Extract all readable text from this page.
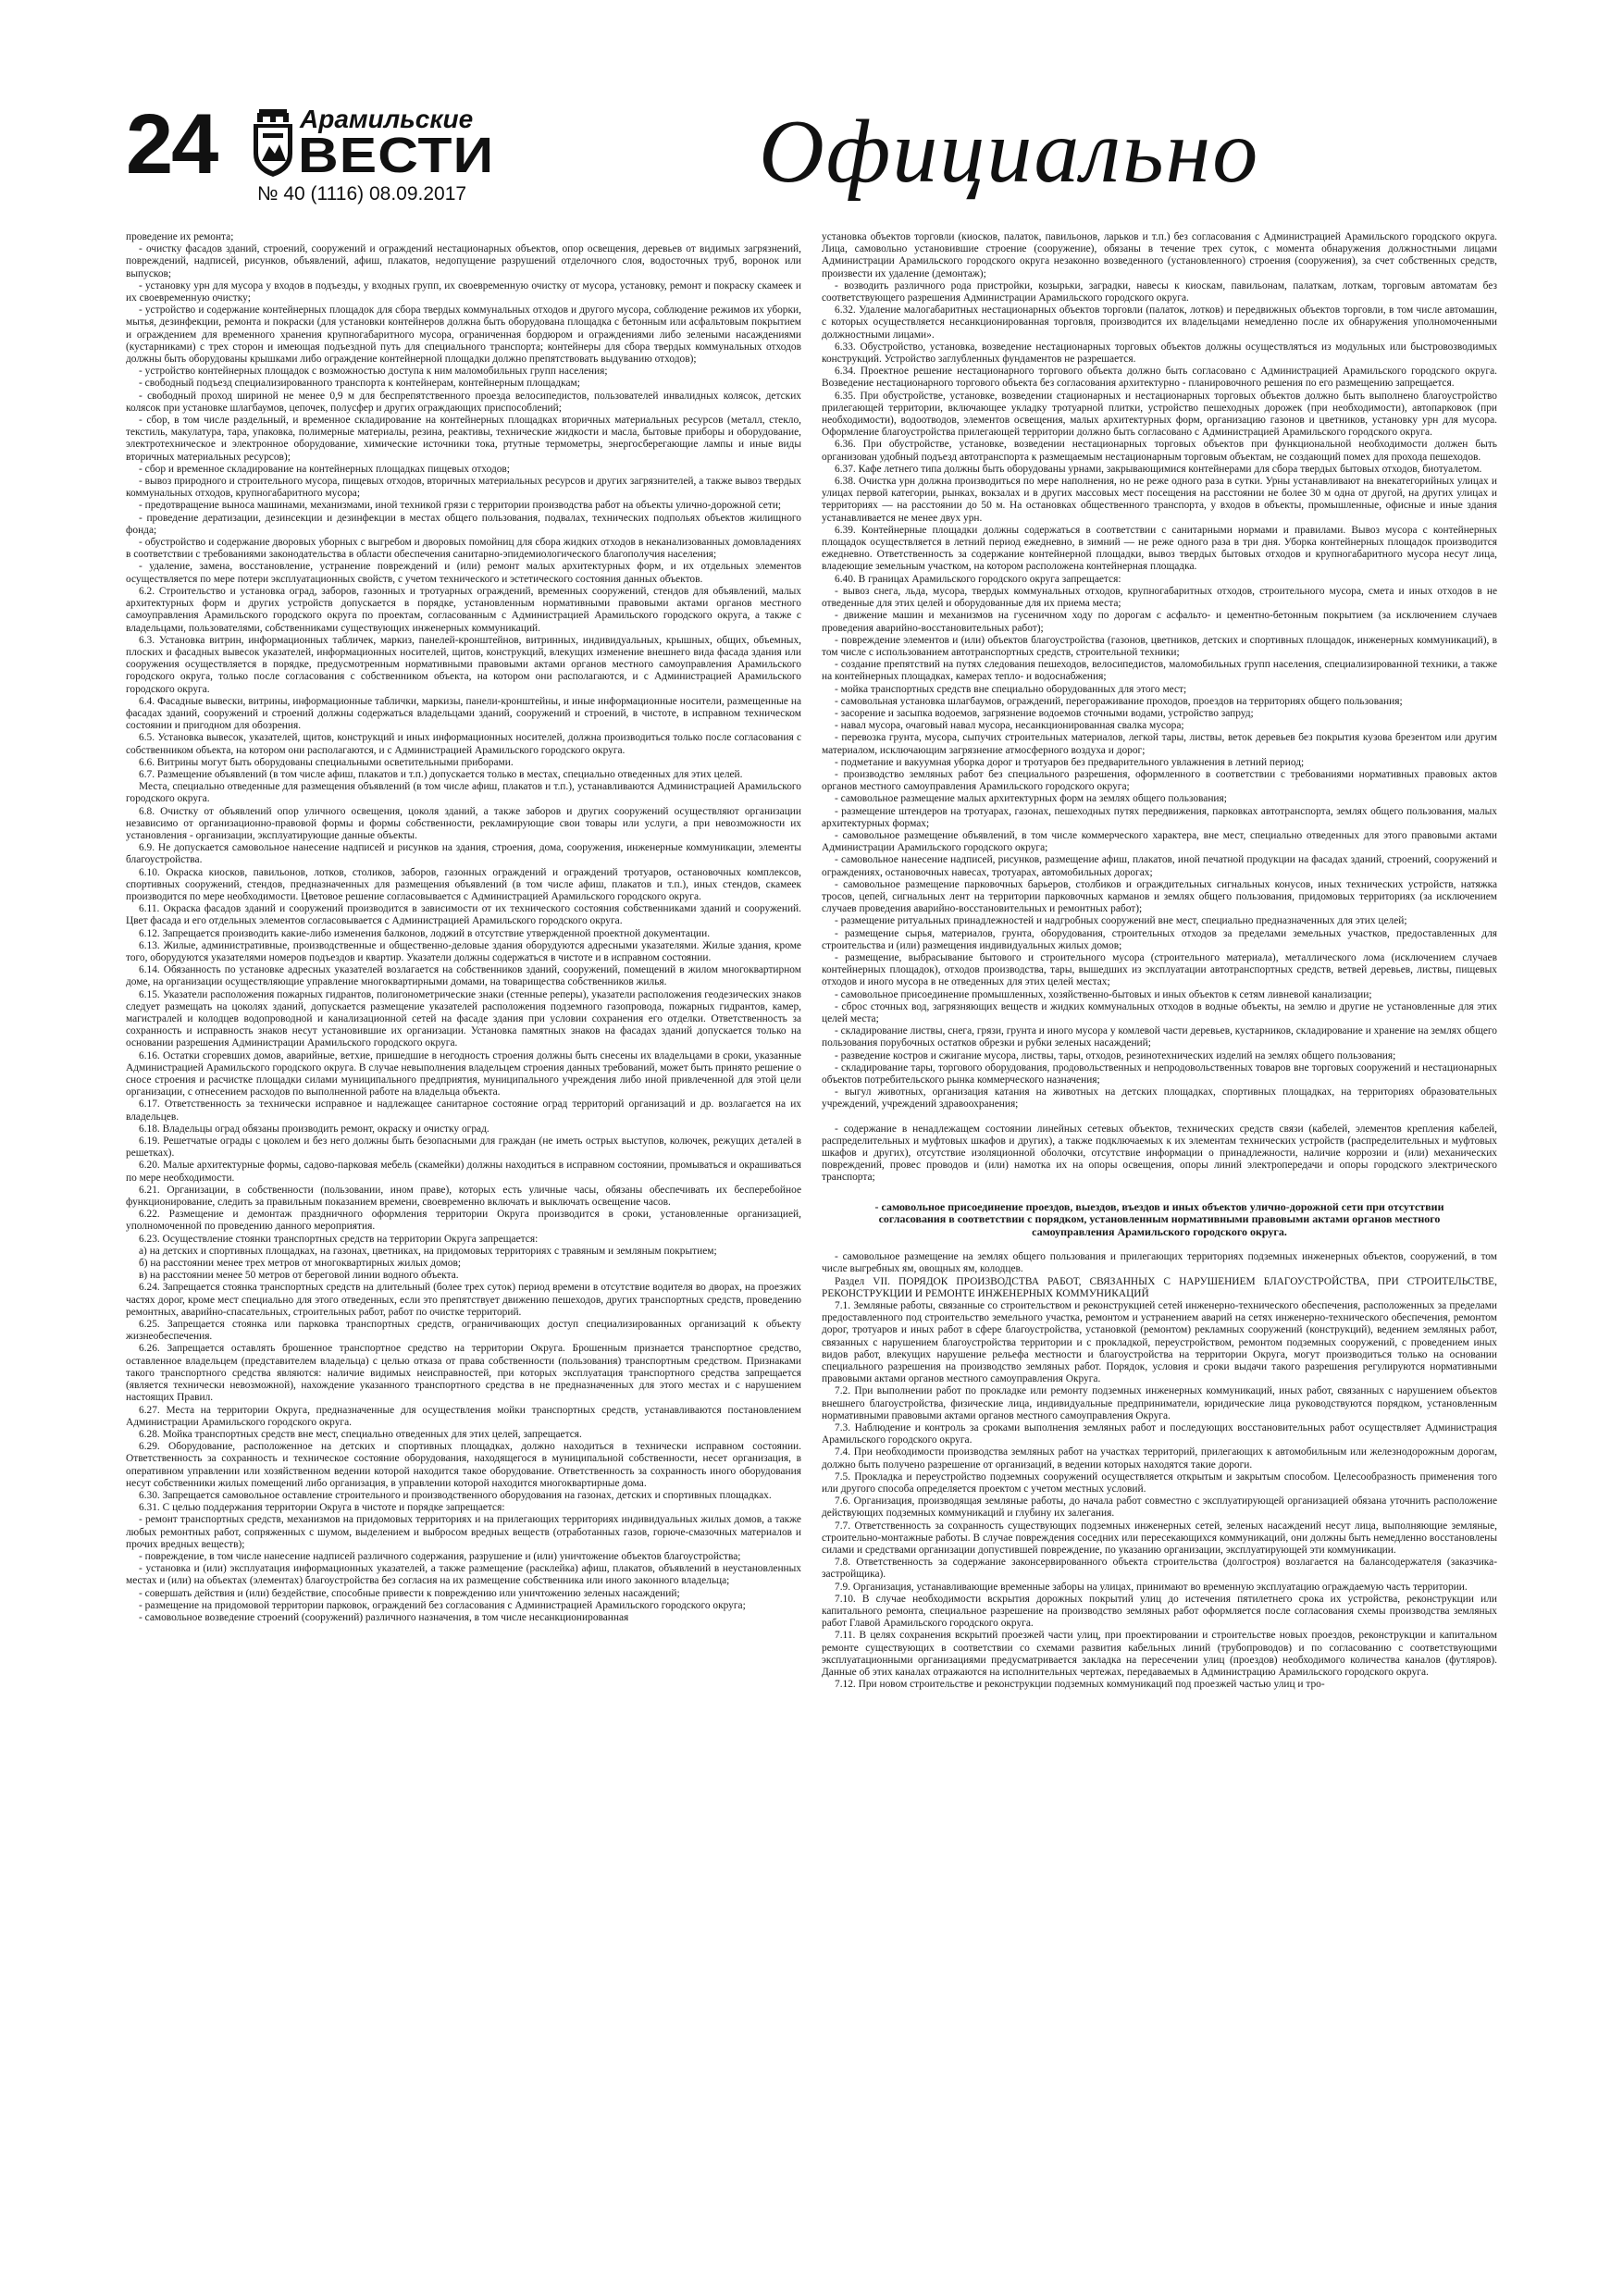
24	Арамильские
ВЕСТИ
№ 40 (1116) 08.09.2017	Официально

проведение их ремонта;

- очистку фасадов зданий, строений, сооружений и ограждений нестационарных объектов, опор освещения, деревьев от видимых загрязнений, повреждений, надписей, рисунков, объявлений, афиш, плакатов, недопущение разрушений отделочного слоя, водосточных труб, воронок или выпусков;

- установку урн для мусора у входов в подъезды, у входных групп, их своевременную очистку от мусора, установку, ремонт и покраску скамеек и их своевременную очистку;

- устройство и содержание контейнерных площадок для сбора твердых коммунальных отходов и другого мусора, соблюдение режимов их уборки, мытья, дезинфекции, ремонта и покраски (для установки контейнеров должна быть оборудована площадка с бетонным или асфальтовым покрытием и ограждением для временного хранения крупногабаритного мусора, ограниченная бордюром и ограждениями либо зелеными насаждениями (кустарниками) с трех сторон и имеющая подъездной путь для специального транспорта; контейнеры для сбора твердых коммунальных отходов должны быть оборудованы крышками либо ограждение контейнерной площадки должно препятствовать выдуванию отходов);

- устройство контейнерных площадок с возможностью доступа к ним маломобильных групп населения;

- свободный подъезд специализированного транспорта к контейнерам, контейнерным площадкам;

- свободный проход шириной не менее 0,9 м для беспрепятственного проезда велосипедистов, пользователей инвалидных колясок, детских колясок при установке шлагбаумов, цепочек, полусфер и других ограждающих приспособлений;

- сбор, в том числе раздельный, и временное складирование на контейнерных площадках вторичных материальных ресурсов (металл, стекло, текстиль, макулатура, тара, упаковка, полимерные материалы, резина, реактивы, технические жидкости и масла, бытовые приборы и оборудование, электротехническое и электронное оборудование, химические источники тока, ртутные термометры, энергосберегающие лампы и иные виды вторичных материальных ресурсов);

- сбор и временное складирование на контейнерных площадках пищевых отходов;

- вывоз природного и строительного мусора, пищевых отходов, вторичных материальных ресурсов и других загрязнителей, а также вывоз твердых коммунальных отходов, крупногабаритного мусора;

- предотвращение выноса машинами, механизмами, иной техникой грязи с территории производства работ на объекты улично-дорожной сети;

- проведение дератизации, дезинсекции и дезинфекции в местах общего пользования, подвалах, технических подпольях объектов жилищного фонда;

- обустройство и содержание дворовых уборных с выгребом и дворовых помойниц для сбора жидких отходов в неканализованных домовладениях в соответствии с требованиями законодательства в области обеспечения санитарно-эпидемиологического благополучия населения;

- удаление, замена, восстановление, устранение повреждений и (или) ремонт малых архитектурных форм, и их отдельных элементов осуществляется по мере потери эксплуатационных свойств, с учетом технического и эстетического состояния данных объектов.

6.2. Строительство и установка оград, заборов, газонных и тротуарных ограждений, временных сооружений, стендов для объявлений, малых архитектурных форм и других устройств допускается в порядке, установленным нормативными правовыми актами органов местного самоуправления Арамильского городского округа по проектам, согласованным с Администрацией Арамильского городского округа, а также с владельцами, пользователями, собственниками существующих инженерных коммуникаций.

6.3. Установка витрин, информационных табличек, маркиз, панелей-кронштейнов, витринных, индивидуальных, крышных, общих, объемных, плоских и фасадных вывесок указателей, информационных носителей, щитов, конструкций, влекущих изменение внешнего вида фасада здания или сооружения осуществляется в порядке, предусмотренным нормативными правовыми актами органов местного самоуправления Арамильского городского округа, только после согласования с собственником объекта, на котором они располагаются, и с Администрацией Арамильского городского округа.

6.4. Фасадные вывески, витрины, информационные таблички, маркизы, панели-кронштейны, и иные информационные носители, размещенные на фасадах зданий, сооружений и строений должны содержаться владельцами зданий, сооружений и строений, в чистоте, в исправном техническом состоянии и пригодном для обозрения.

6.5. Установка вывесок, указателей, щитов, конструкций и иных информационных носителей, должна производиться только после согласования с собственником объекта, на котором они располагаются, и с Администрацией Арамильского городского округа.

6.6. Витрины могут быть оборудованы специальными осветительными приборами.

6.7. Размещение объявлений (в том числе афиш, плакатов и т.п.) допускается только в местах, специально отведенных для этих целей.

Места, специально отведенные для размещения объявлений (в том числе афиш, плакатов и т.п.), устанавливаются Администрацией Арамильского городского округа.

6.8. Очистку от объявлений опор уличного освещения, цоколя зданий, а также заборов и других сооружений осуществляют организации независимо от организационно-правовой формы и формы собственности, рекламирующие свои товары или услуги, а при невозможности их установления - организации, эксплуатирующие данные объекты.

6.9. Не допускается самовольное нанесение надписей и рисунков на здания, строения, дома, сооружения, инженерные коммуникации, элементы благоустройства.

6.10. Окраска киосков, павильонов, лотков, столиков, заборов, газонных ограждений и ограждений тротуаров, остановочных комплексов, спортивных сооружений, стендов, предназначенных для размещения объявлений (в том числе афиш, плакатов и т.п.), иных стендов, скамеек производится по мере необходимости. Цветовое решение согласовывается с Администрацией Арамильского городского округа.

6.11. Окраска фасадов зданий и сооружений производится в зависимости от их технического состояния собственниками зданий и сооружений. Цвет фасада и его отдельных элементов согласовывается с Администрацией Арамильского городского округа.

6.12. Запрещается производить какие-либо изменения балконов, лоджий в отсутствие утвержденной проектной документации.

6.13. Жилые, административные, производственные и общественно-деловые здания оборудуются адресными указателями. Жилые здания, кроме того, оборудуются указателями номеров подъездов и квартир. Указатели должны содержаться в чистоте и в исправном состоянии.

6.14. Обязанность по установке адресных указателей возлагается на собственников зданий, сооружений, помещений в жилом многоквартирном доме, на организации осуществляющие управление многоквартирными домами, на товарищества собственников жилья.

6.15. Указатели расположения пожарных гидрантов, полигонометрические знаки (стенные реперы), указатели расположения геодезических знаков следует размещать на цоколях зданий, допускается размещение указателей расположения подземного газопровода, пожарных гидрантов, камер, магистралей и колодцев водопроводной и канализационной сетей на фасаде здания при условии сохранения его отделки. Ответственность за сохранность и исправность знаков несут установившие их организации. Установка памятных знаков на фасадах зданий допускается только на основании разрешения Администрации Арамильского городского округа.

6.16. Остатки сгоревших домов, аварийные, ветхие, пришедшие в негодность строения должны быть снесены их владельцами в сроки, указанные Администрацией Арамильского городского округа. В случае невыполнения владельцем строения данных требований, может быть принято решение о сносе строения и расчистке площадки силами муниципального предприятия, муниципального учреждения либо иной привлеченной для этой цели организации, с отнесением расходов по выполненной работе на владельца объекта.

6.17. Ответственность за технически исправное и надлежащее санитарное состояние оград территорий организаций и др. возлагается на их владельцев.

6.18. Владельцы оград обязаны производить ремонт, окраску и очистку оград.

6.19. Решетчатые ограды с цоколем и без него должны быть безопасными для граждан (не иметь острых выступов, колючек, режущих деталей в решетках).

6.20. Малые архитектурные формы, садово-парковая мебель (скамейки) должны находиться в исправном состоянии, промываться и окрашиваться по мере необходимости.

6.21. Организации, в собственности (пользовании, ином праве), которых есть уличные часы, обязаны обеспечивать их бесперебойное функционирование, следить за правильным показанием времени, своевременно включать и выключать освещение часов.

6.22. Размещение и демонтаж праздничного оформления территории Округа производится в сроки, установленные организацией, уполномоченной по проведению данного мероприятия.

6.23. Осуществление стоянки транспортных средств на территории Округа запрещается:

а) на детских и спортивных площадках, на газонах, цветниках, на придомовых территориях с травяным и земляным покрытием;

б) на расстоянии менее трех метров от многоквартирных жилых домов;

в) на расстоянии менее 50 метров от береговой линии водного объекта.

6.24. Запрещается стоянка транспортных средств на длительный (более трех суток) период времени в отсутствие водителя во дворах, на проезжих частях дорог, кроме мест специально для этого отведенных, если это препятствует движению пешеходов, других транспортных средств, проведению ремонтных, аварийно-спасательных, строительных работ, работ по очистке территорий.

6.25. Запрещается стоянка или парковка транспортных средств, ограничивающих доступ специализированных организаций к объекту жизнеобеспечения.

6.26. Запрещается оставлять брошенное транспортное средство на территории Округа. Брошенным признается транспортное средство, оставленное владельцем (представителем владельца) с целью отказа от права собственности (пользования) транспортным средством. Признаками такого транспортного средства являются: наличие видимых неисправностей, при которых эксплуатация транспортного средства запрещается (является технически невозможной), нахождение указанного транспортного средства в не предназначенных для этого местах и с нарушением настоящих Правил.

6.27. Места на территории Округа, предназначенные для осуществления мойки транспортных средств, устанавливаются постановлением Администрации Арамильского городского округа.

6.28. Мойка транспортных средств вне мест, специально отведенных для этих целей, запрещается.

6.29. Оборудование, расположенное на детских и спортивных площадках, должно находиться в технически исправном состоянии. Ответственность за сохранность и техническое состояние оборудования, находящегося в муниципальной собственности, несет организация, в оперативном управлении или хозяйственном ведении которой находится такое оборудование. Ответственность за сохранность иного оборудования несут собственники жилых помещений либо организация, в управлении которой находится многоквартирные дома.

6.30. Запрещается самовольное оставление строительного и производственного оборудования на газонах, детских и спортивных площадках.

6.31. С целью поддержания территории Округа в чистоте и порядке запрещается:

- ремонт транспортных средств, механизмов на придомовых территориях и на прилегающих территориях индивидуальных жилых домов, а также любых ремонтных работ, сопряженных с шумом, выделением и выбросом вредных веществ (отработанных газов, горюче-смазочных материалов и прочих вредных веществ);

- повреждение, в том числе нанесение надписей различного содержания, разрушение и (или) уничтожение объектов благоустройства;

- установка и (или) эксплуатация информационных указателей, а также размещение (расклейка) афиш, плакатов, объявлений в неустановленных местах и (или) на объектах (элементах) благоустройства без согласия на их размещение собственника или иного законного владельца;

- совершать действия и (или) бездействие, способные привести к повреждению или уничтожению зеленых насаждений;

- размещение на придомовой территории парковок, ограждений без согласования с Администрацией Арамильского городского округа;

- самовольное возведение строений (сооружений) различного назначения, в том числе несанкционированная

установка объектов торговли (киосков, палаток, павильонов, ларьков и т.п.) без согласования с Администрацией Арамильского городского округа. Лица, самовольно установившие строение (сооружение), обязаны в течение трех суток, с момента обнаружения должностными лицами Администрации Арамильского городского округа незаконно возведенного (установленного) строения (сооружения), за счет собственных средств, произвести их удаление (демонтаж);

- возводить различного рода пристройки, козырьки, заградки, навесы к киоскам, павильонам, палаткам, лоткам, торговым автоматам без соответствующего разрешения Администрации Арамильского городского округа.

6.32. Удаление малогабаритных нестационарных объектов торговли (палаток, лотков) и передвижных объектов торговли, в том числе автомашин, с которых осуществляется несанкционированная торговля, производится их владельцами немедленно после их обнаружения уполномоченными должностными лицами».

6.33. Обустройство, установка, возведение нестационарных торговых объектов должны осуществляться из модульных или быстровозводимых конструкций. Устройство заглубленных фундаментов не разрешается.

6.34. Проектное решение нестационарного торгового объекта должно быть согласовано с Администрацией Арамильского городского округа. Возведение нестационарного торгового объекта без согласования архитектурно - планировочного решения по его размещению запрещается.

6.35. При обустройстве, установке, возведении стационарных и нестационарных торговых объектов должно быть выполнено благоустройство прилегающей территории, включающее укладку тротуарной плитки, устройство пешеходных дорожек (при необходимости), автопарковок (при необходимости), водоотводов, элементов освещения, малых архитектурных форм, организацию газонов и цветников, установку урн для мусора. Оформление благоустройства прилегающей территории должно быть согласовано с Администрацией Арамильского городского округа.

6.36. При обустройстве, установке, возведении нестационарных торговых объектов при функциональной необходимости должен быть организован удобный подъезд автотранспорта к размещаемым нестационарным торговым объектам, не создающий помех для прохода пешеходов.

6.37. Кафе летнего типа должны быть оборудованы урнами, закрывающимися контейнерами для сбора твердых бытовых отходов, биотуалетом.

6.38. Очистка урн должна производиться по мере наполнения, но не реже одного раза в сутки. Урны устанавливают на внекатегорийных улицах и улицах первой категории, рынках, вокзалах и в других массовых мест посещения на расстоянии не более 30 м одна от другой, на других улицах и территориях — на расстоянии до 50 м. На остановках общественного транспорта, у входов в объекты, промышленные, офисные и иные здания устанавливается не менее двух урн.

6.39. Контейнерные площадки должны содержаться в соответствии с санитарными нормами и правилами. Вывоз мусора с контейнерных площадок осуществляется в летний период ежедневно, в зимний — не реже одного раза в три дня. Уборка контейнерных площадок производится ежедневно. Ответственность за содержание контейнерной площадки, вывоз твердых бытовых отходов и крупногабаритного мусора несут лица, владеющие земельным участком, на котором расположена контейнерная площадка.

6.40. В границах Арамильского городского округа запрещается:

- вывоз снега, льда, мусора, твердых коммунальных отходов, крупногабаритных отходов, строительного мусора, смета и иных отходов в не отведенные для этих целей и оборудованные для их приема места;

- движение машин и механизмов на гусеничном ходу по дорогам с асфальто- и цементно-бетонным покрытием (за исключением случаев проведения аварийно-восстановительных работ);

- повреждение элементов и (или) объектов благоустройства (газонов, цветников, детских и спортивных площадок, инженерных коммуникаций), в том числе с использованием автотранспортных средств, строительной техники;

- создание препятствий на путях следования пешеходов, велосипедистов, маломобильных групп населения, специализированной техники, а также на контейнерных площадках, камерах тепло- и водоснабжения;

- мойка транспортных средств вне специально оборудованных для этого мест;

- самовольная установка шлагбаумов, ограждений, перегораживание проходов, проездов на территориях общего пользования;

- засорение и засыпка водоемов, загрязнение водоемов сточными водами, устройство запруд;

- навал мусора, очаговый навал мусора, несанкционированная свалка мусора;

- перевозка грунта, мусора, сыпучих строительных материалов, легкой тары, листвы, веток деревьев без покрытия кузова брезентом или другим материалом, исключающим загрязнение атмосферного воздуха и дорог;

- подметание и вакуумная уборка дорог и тротуаров без предварительного увлажнения в летний период;

- производство земляных работ без специального разрешения, оформленного в соответствии с требованиями нормативных правовых актов органов местного самоуправления Арамильского городского округа;

- самовольное размещение малых архитектурных форм на землях общего пользования;

- размещение штендеров на тротуарах, газонах, пешеходных путях передвижения, парковках автотранспорта, землях общего пользования, малых архитектурных формах;

- самовольное размещение объявлений, в том числе коммерческого характера, вне мест, специально отведенных для этого правовыми актами Администрации Арамильского городского округа;

- самовольное нанесение надписей, рисунков, размещение афиш, плакатов, иной печатной продукции на фасадах зданий, строений, сооружений и ограждениях, остановочных навесах, тротуарах, автомобильных дорогах;

- самовольное размещение парковочных барьеров, столбиков и ограждительных сигнальных конусов, иных технических устройств, натяжка тросов, цепей, сигнальных лент на территории парковочных карманов и землях общего пользования, придомовых территориях (за исключением случаев проведения аварийно-восстановительных и ремонтных работ);

- размещение ритуальных принадлежностей и надгробных сооружений вне мест, специально предназначенных для этих целей;

- размещение сырья, материалов, грунта, оборудования, строительных отходов за пределами земельных участков, предоставленных для строительства и (или) размещения индивидуальных жилых домов;

- размещение, выбрасывание бытового и строительного мусора (строительного материала), металлического лома (исключением случаев контейнерных площадок), отходов производства, тары, вышедших из эксплуатации автотранспортных средств, ветвей деревьев, листвы, пищевых отходов и иного мусора в не отведенных для этих целей местах;

- самовольное присоединение промышленных, хозяйственно-бытовых и иных объектов к сетям ливневой канализации;

- сброс сточных вод, загрязняющих веществ и жидких коммунальных отходов в водные объекты, на землю и другие не установленные для этих целей места;

- складирование листвы, снега, грязи, грунта и иного мусора у комлевой части деревьев, кустарников, складирование и хранение на землях общего пользования порубочных остатков обрезки и рубки зеленых насаждений;

- разведение костров и сжигание мусора, листвы, тары, отходов, резинотехнических изделий на землях общего пользования;

- складирование тары, торгового оборудования, продовольственных и непродовольственных товаров вне торговых сооружений и нестационарных объектов потребительского рынка коммерческого назначения;

- выгул животных, организация катания на животных на детских площадках, спортивных площадках, на территориях образовательных учреждений, учреждений здравоохранения;

- содержание в ненадлежащем состоянии линейных сетевых объектов, технических средств связи (кабелей, элементов крепления кабелей, распределительных и муфтовых шкафов и других), а также подключаемых к их элементам технических устройств (распределительных и муфтовых шкафов и других), отсутствие изоляционной оболочки, отсутствие информации о принадлежности, наличие коррозии и (или) механических повреждений, провес проводов и (или) намотка их на опоры освещения, опоры линий электропередачи и опоры городского электрического транспорта;

- самовольное присоединение проездов, выездов, въездов и иных объектов улично-дорожной сети при отсутствии согласования в соответствии с порядком, установленным нормативными правовыми актами органов местного самоуправления Арамильского городского округа.

- самовольное размещение на землях общего пользования и прилегающих территориях подземных инженерных объектов, сооружений, в том числе выгребных ям, овощных ям, колодцев.

Раздел VII. ПОРЯДОК ПРОИЗВОДСТВА РАБОТ, СВЯЗАННЫХ С НАРУШЕНИЕМ БЛАГОУСТРОЙСТВА, ПРИ СТРОИТЕЛЬСТВЕ, РЕКОНСТРУКЦИИ И РЕМОНТЕ ИНЖЕНЕРНЫХ КОММУНИКАЦИЙ

7.1. Земляные работы, связанные со строительством и реконструкцией сетей инженерно-технического обеспечения, расположенных за пределами предоставленного под строительство земельного участка, ремонтом и устранением аварий на сетях инженерно-технического обеспечения, ремонтом дорог, тротуаров и иных работ в сфере благоустройства, установкой (ремонтом) рекламных сооружений (конструкций), ведением земляных работ, связанных с нарушением благоустройства территории и с прокладкой, переустройством, ремонтом подземных сооружений, с проведением иных видов работ, влекущих нарушение рельефа местности и благоустройства на территории Округа, могут производиться только на основании специального разрешения на производство земляных работ. Порядок, условия и сроки выдачи такого разрешения регулируются нормативными правовыми актами органов местного самоуправления Округа.

7.2. При выполнении работ по прокладке или ремонту подземных инженерных коммуникаций, иных работ, связанных с нарушением объектов внешнего благоустройства, физические лица, индивидуальные предприниматели, юридические лица руководствуются порядком, установленным нормативными правовыми актами органов местного самоуправления Округа.

7.3. Наблюдение и контроль за сроками выполнения земляных работ и последующих восстановительных работ осуществляет Администрация Арамильского городского округа.

7.4. При необходимости производства земляных работ на участках территорий, прилегающих к автомобильным или железнодорожным дорогам, должно быть получено разрешение от организаций, в ведении которых находятся такие дороги.

7.5. Прокладка и переустройство подземных сооружений осуществляется открытым и закрытым способом. Целесообразность применения того или другого способа определяется проектом с учетом местных условий.

7.6. Организация, производящая земляные работы, до начала работ совместно с эксплуатирующей организацией обязана уточнить расположение действующих подземных коммуникаций и глубину их залегания.

7.7. Ответственность за сохранность существующих подземных инженерных сетей, зеленых насаждений несут лица, выполняющие земляные, строительно-монтажные работы. В случае повреждения соседних или пересекающихся коммуникаций, они должны быть немедленно восстановлены силами и средствами организации допустившей повреждение, по указанию организации, эксплуатирующей эти коммуникации.

7.8. Ответственность за содержание законсервированного объекта строительства (долгостроя) возлагается на балансодержателя (заказчика-застройщика).

7.9. Организация, устанавливающие временные заборы на улицах, принимают во временную эксплуатацию ограждаемую часть территории.

7.10. В случае необходимости вскрытия дорожных покрытий улиц до истечения пятилетнего срока их устройства, реконструкции или капитального ремонта, специальное разрешение на производство земляных работ оформляется после согласования схемы производства земляных работ Главой Арамильского городского округа.

7.11. В целях сохранения вскрытий проезжей части улиц, при проектировании и строительстве новых проездов, реконструкции и капитальном ремонте существующих в соответствии со схемами развития кабельных линий (трубопроводов) и по согласованию с соответствующими эксплуатационными организациями предусматривается закладка на пересечении улиц (проездов) необходимого количества каналов (футляров). Данные об этих каналах отражаются на исполнительных чертежах, передаваемых в Администрацию Арамильского городского округа.

7.12. При новом строительстве и реконструкции подземных коммуникаций под проезжей частью улиц и тро-
